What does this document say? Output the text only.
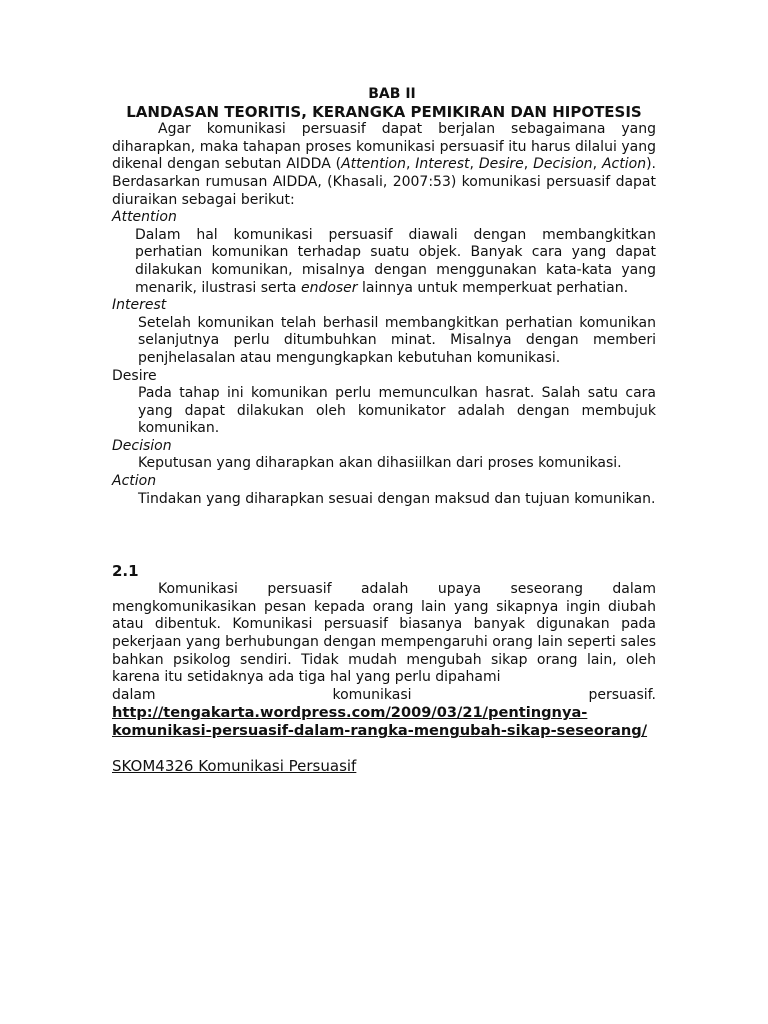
BAB II

LANDASAN TEORITIS, KERANGKA PEMIKIRAN DAN HIPOTESIS

Agar komunikasi persuasif dapat berjalan sebagaimana yang diharapkan, maka tahapan proses komunikasi persuasif itu harus dilalui yang dikenal dengan sebutan AIDDA (Attention, Interest, Desire, Decision, Action). Berdasarkan rumusan AIDDA, (Khasali, 2007:53) komunikasi persuasif dapat diuraikan sebagai berikut:

Attention

Dalam hal komunikasi persuasif diawali dengan membangkitkan perhatian komunikan terhadap suatu objek. Banyak cara yang dapat dilakukan komunikan, misalnya dengan menggunakan kata-kata yang menarik, ilustrasi serta endoser lainnya untuk memperkuat perhatian.

Interest

Setelah komunikan telah berhasil membangkitkan perhatian komunikan selanjutnya perlu ditumbuhkan minat. Misalnya dengan memberi penjhelasalan atau mengungkapkan kebutuhan komunikasi.

Desire

Pada tahap ini komunikan perlu memunculkan hasrat. Salah satu cara yang dapat dilakukan oleh komunikator adalah dengan membujuk komunikan.

Decision

Keputusan yang diharapkan akan dihasiilkan dari proses komunikasi.

Action

Tindakan yang diharapkan sesuai dengan maksud dan tujuan komunikan.

2.1

Komunikasi persuasif adalah upaya seseorang dalam mengkomunikasikan pesan kepada orang lain yang sikapnya ingin diubah atau dibentuk. Komunikasi persuasif biasanya banyak digunakan pada pekerjaan yang berhubungan dengan mempengaruhi orang lain seperti sales bahkan psikolog sendiri. Tidak mudah mengubah sikap orang lain, oleh karena itu setidaknya ada tiga hal yang perlu dipahami

dalam komunikasi persuasif.

http://tengakarta.wordpress.com/2009/03/21/pentingnya-
komunikasi-persuasif-dalam-rangka-mengubah-sikap-seseorang/
SKOM4326 Komunikasi Persuasif
